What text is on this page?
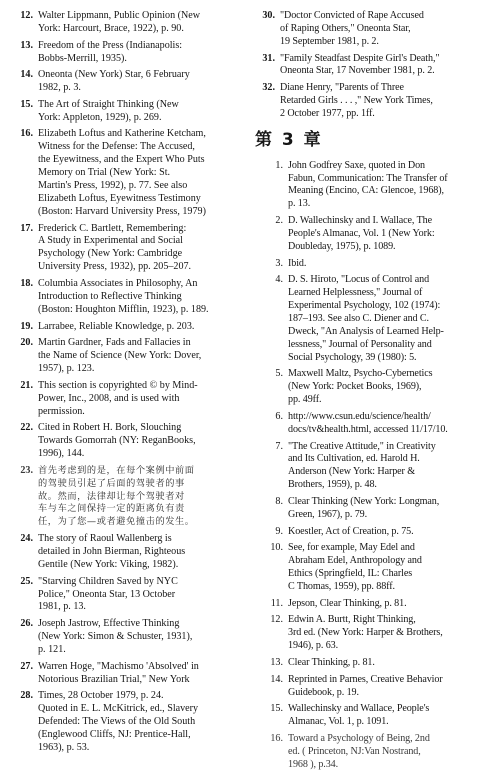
12. Walter Lippmann, Public Opinion (New
York: Harcourt, Brace, 1922), p. 90.
13. Freedom of the Press (Indianapolis:
Bobbs-Merrill, 1935).
14. Oneonta (New York) Star, 6 February
1982, p. 3.
15. The Art of Straight Thinking (New
York: Appleton, 1929), p. 269.
16. Elizabeth Loftus and Katherine Ketcham,
Witness for the Defense: The Accused,
the Eyewitness, and the Expert Who Puts
Memory on Trial (New York: St.
Martin's Press, 1992), p. 77. See also
Elizabeth Loftus, Eyewitness Testimony
(Boston: Harvard University Press, 1979)
17. Frederick C. Bartlett, Remembering:
A Study in Experimental and Social
Psychology (New York: Cambridge
University Press, 1932), pp. 205–207.
18. Columbia Associates in Philosophy, An
Introduction to Reflective Thinking
(Boston: Houghton Mifflin, 1923), p. 189.
19. Larrabee, Reliable Knowledge, p. 203.
20. Martin Gardner, Fads and Fallacies in
the Name of Science (New York: Dover,
1957), p. 123.
21. This section is copyrighted © by Mind-
Power, Inc., 2008, and is used with
permission.
22. Cited in Robert H. Bork, Slouching
Towards Gomorrah (NY: ReganBooks,
1996), 144.
23. 首先考虑到的是，在每个案例中前面
的驾驶员引起了后面的驾驶者的事
故。然而，法律却让每个驾驶者对
车与车之间保持一定的距离负有责
任，为了您—或者避免撞击的发生。
24. The story of Raoul Wallenberg is
detailed in John Bierman, Righteous
Gentile (New York: Viking, 1982).
25. "Starving Children Saved by NYC
Police," Oneonta Star, 13 October
1981, p. 13.
26. Joseph Jastrow, Effective Thinking
(New York: Simon & Schuster, 1931),
p. 121.
27. Warren Hoge, "Machismo 'Absolved' in
Notorious Brazilian Trial," New York
28. Times, 28 October 1979, p. 24.
Quoted in E. L. McKitrick, ed., Slavery
Defended: The Views of the Old South
(Englewood Cliffs, NJ: Prentice-Hall,
1963), p. 53.
30. "Doctor Convicted of Rape Accused
of Raping Others," Oneonta Star,
19 September 1981, p. 2.
31. "Family Steadfast Despite Girl's Death,"
Oneonta Star, 17 November 1981, p. 2.
32. Diane Henry, "Parents of Three
Retarded Girls . . . ," New York Times,
2 October 1977, pp. 1ff.
第 3 章
1. John Godfrey Saxe, quoted in Don
Fabun, Communication: The Transfer of
Meaning (Encino, CA: Glencoe, 1968),
p. 13.
2. D. Wallechinsky and I. Wallace, The
People's Almanac, Vol. 1 (New York:
Doubleday, 1975), p. 1089.
3. Ibid.
4. D. S. Hiroto, "Locus of Control and
Learned Helplessness," Journal of
Experimental Psychology, 102 (1974):
187–193. See also C. Diener and C.
Dweck, "An Analysis of Learned Help-
lessness," Journal of Personality and
Social Psychology, 39 (1980): 5.
5. Maxwell Maltz, Psycho-Cybernetics
(New York: Pocket Books, 1969),
pp. 49ff.
6. http://www.csun.edu/science/health/
docs/tv&health.html, accessed 11/17/10.
7. "The Creative Attitude," in Creativity
and Its Cultivation, ed. Harold H.
Anderson (New York: Harper &
Brothers, 1959), p. 48.
8. Clear Thinking (New York: Longman,
Green, 1967), p. 79.
9. Koestler, Act of Creation, p. 75.
10. See, for example, May Edel and
Abraham Edel, Anthropology and
Ethics (Springfield, IL: Charles
C Thomas, 1959), pp. 88ff.
11. Jepson, Clear Thinking, p. 81.
12. Edwin A. Burtt, Right Thinking,
3rd ed. (New York: Harper & Brothers,
1946), p. 63.
13. Clear Thinking, p. 81.
14. Reprinted in Parnes, Creative Behavior
Guidebook, p. 19.
15. Wallechinsky and Wallace, People's
Almanac, Vol. 1, p. 1091.
16. Toward a Psychology of Being, 2nd
ed. ( Princeton, NJ:Van Nostrand,
1968 ), p.34.
